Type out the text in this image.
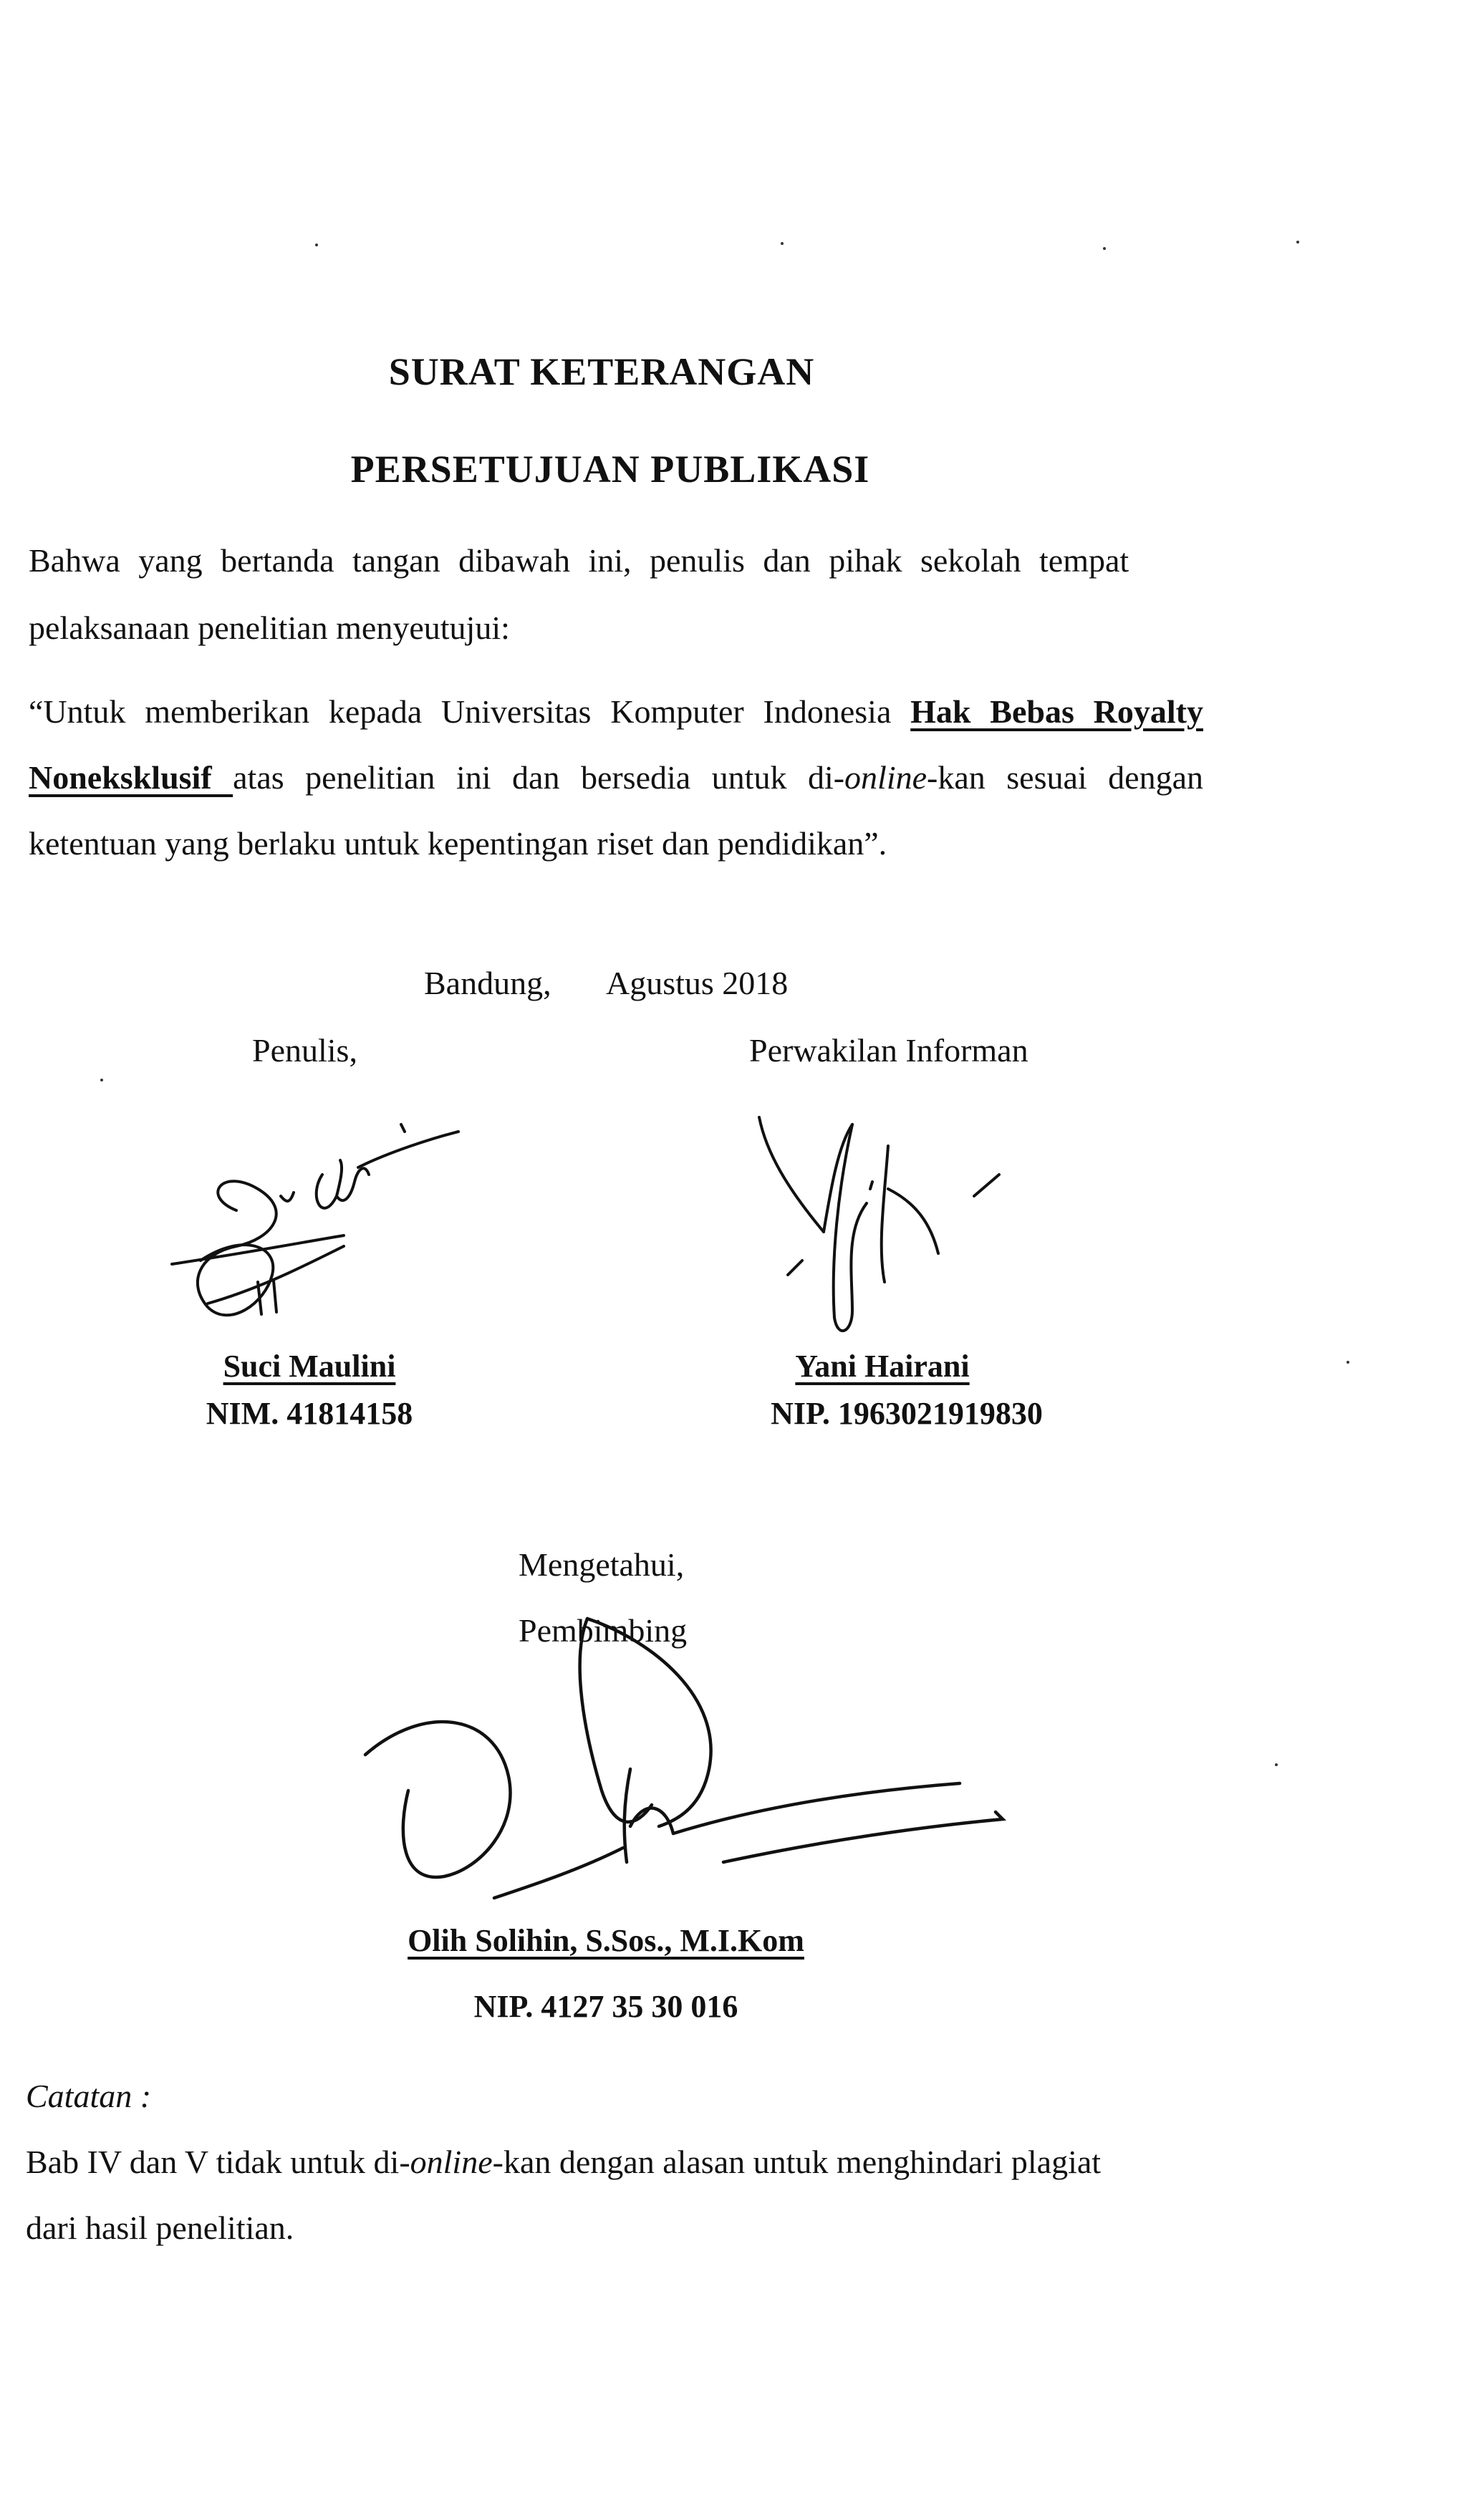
SURAT KETERANGAN
PERSETUJUAN PUBLIKASI
Bahwa yang bertanda tangan dibawah ini, penulis dan pihak sekolah tempat
pelaksanaan penelitian menyeutujui:
“Untuk memberikan kepada Universitas Komputer Indonesia Hak Bebas Royalty Noneksklusif atas penelitian ini dan bersedia untuk di-online-kan sesuai dengan ketentuan yang berlaku untuk kepentingan riset dan pendidikan”.
Bandung, Agustus 2018
Penulis,
Suci Maulini
NIM. 41814158
Perwakilan Informan
Yani Hairani
NIP. 1963021919830
Mengetahui,
Pembimbing
Olih Solihin, S.Sos., M.I.Kom
NIP. 4127 35 30 016
Catatan :
Bab IV dan V tidak untuk di-online-kan dengan alasan untuk menghindari plagiat
dari hasil penelitian.
